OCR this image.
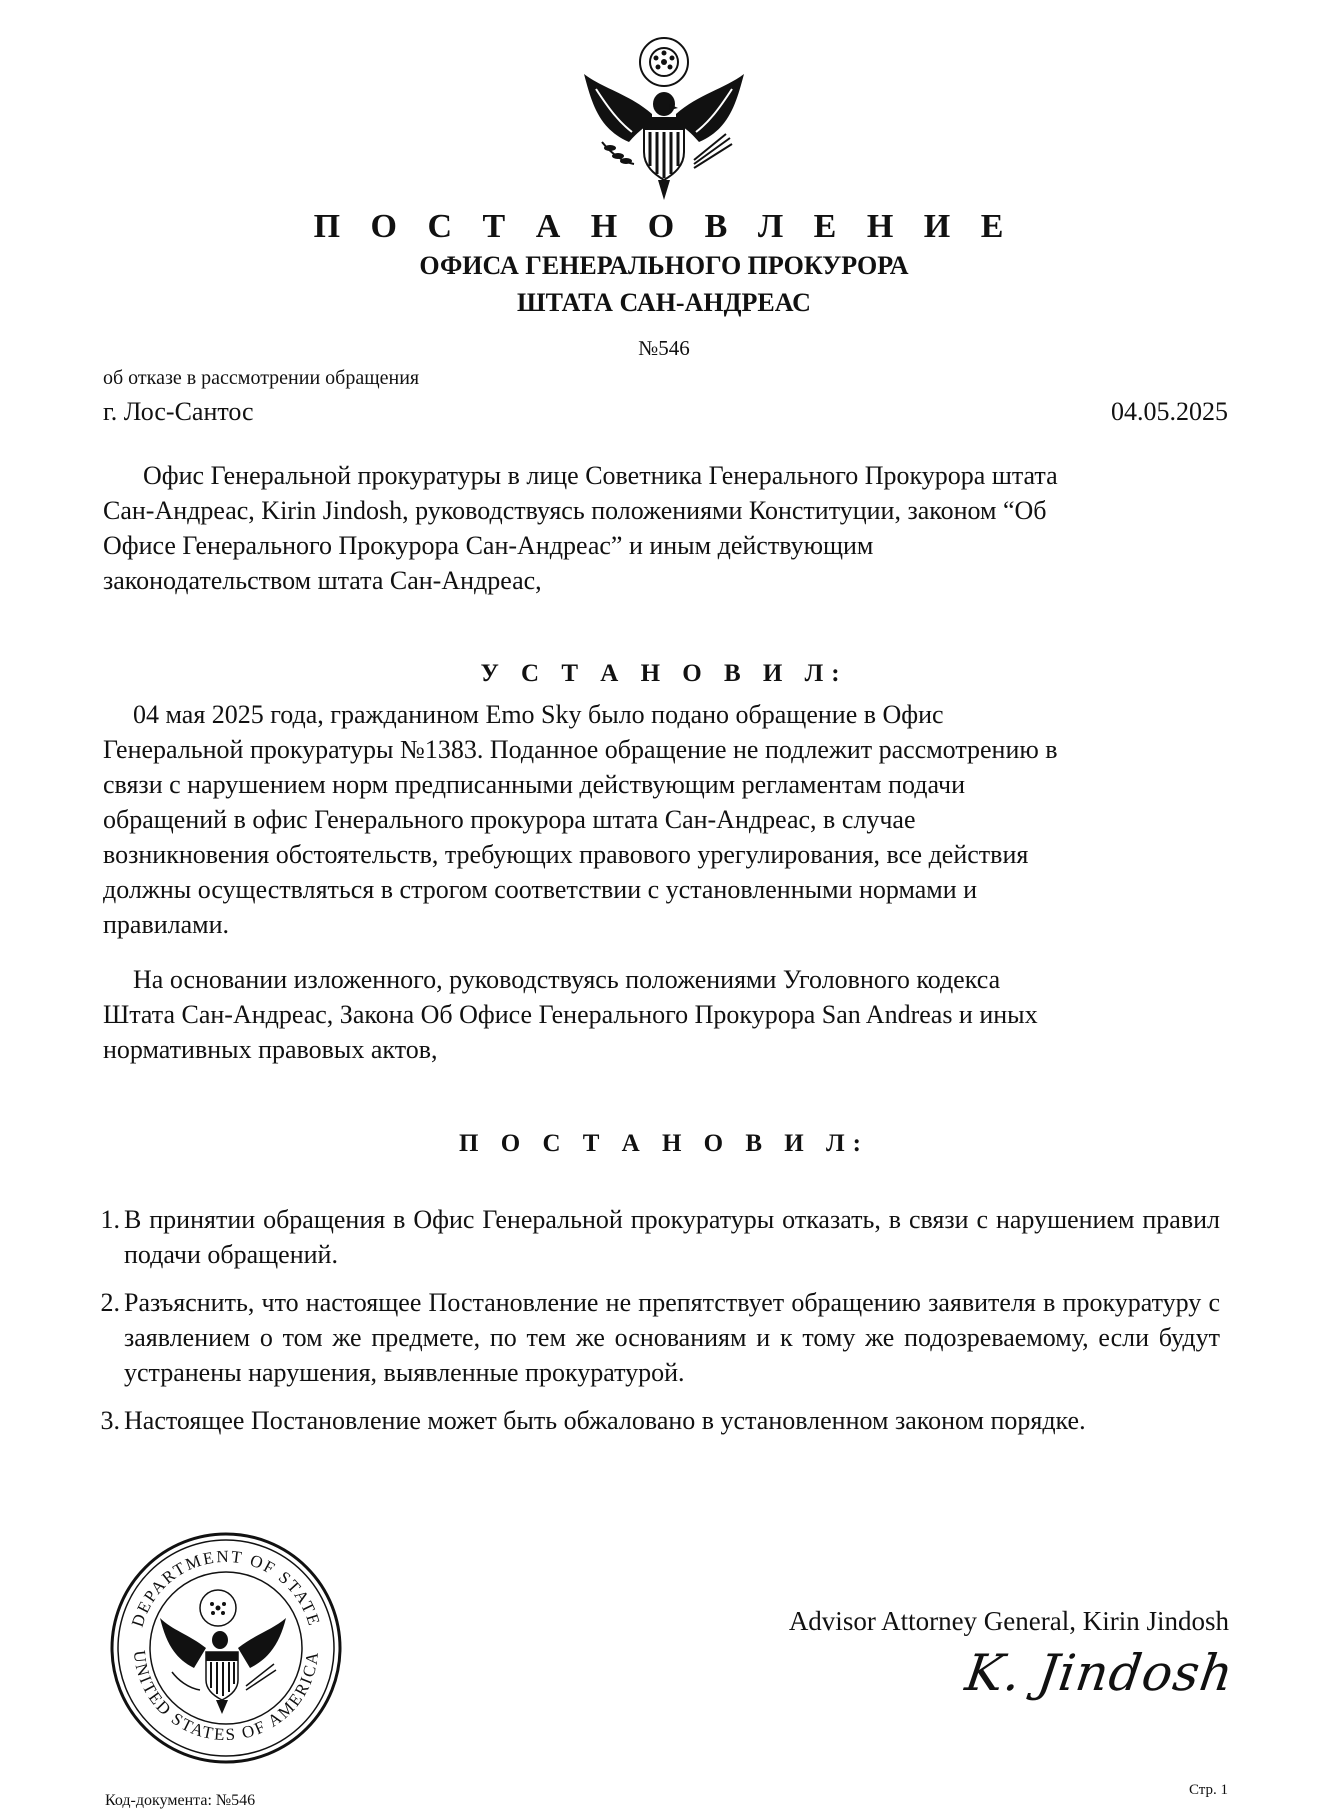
П О С Т А Н О В Л Е Н И Е
ОФИСА ГЕНЕРАЛЬНОГО ПРОКУРОРА
ШТАТА САН-АНДРЕАС
№546
об отказе в рассмотрении обращения
г. Лос-Сантос	04.05.2025
Офис Генеральной прокуратуры в лице Советника Генерального Прокурора штата
Сан-Андреас, Kirin Jindosh, руководствуясь положениями Конституции, законом “Об
Офисе Генерального Прокурора Сан-Андреас” и иным действующим
законодательством штата Сан-Андреас,
У С Т А Н О В И Л:
04 мая 2025 года, гражданином Emo Sky было подано обращение в Офис
Генеральной прокуратуры №1383. Поданное обращение не подлежит рассмотрению в
связи с нарушением норм предписанными действующим регламентам подачи
обращений в офис Генерального прокурора штата Сан-Андреас, в случае
возникновения обстоятельств, требующих правового урегулирования, все действия
должны осуществляться в строгом соответствии с установленными нормами и
правилами.
На основании изложенного, руководствуясь положениями Уголовного кодекса
Штата Сан-Андреас, Закона Об Офисе Генерального Прокурора San Andreas и иных
нормативных правовых актов,
П О С Т А Н О В И Л:
1. В принятии обращения в Офис Генеральной прокуратуры отказать, в связи с нарушением правил подачи обращений.
2. Разъяснить, что настоящее Постановление не препятствует обращению заявителя в прокуратуру с заявлением о том же предмете, по тем же основаниям и к тому же подозреваемому, если будут устранены нарушения, выявленные прокуратурой.
3. Настоящее Постановление может быть обжаловано в установленном законом порядке.
DEPARTMENT OF STATE
UNITED STATES OF AMERICA
Advisor Attorney General, Kirin Jindosh
K. Jindosh
Код-документа: №546
Стр. 1
